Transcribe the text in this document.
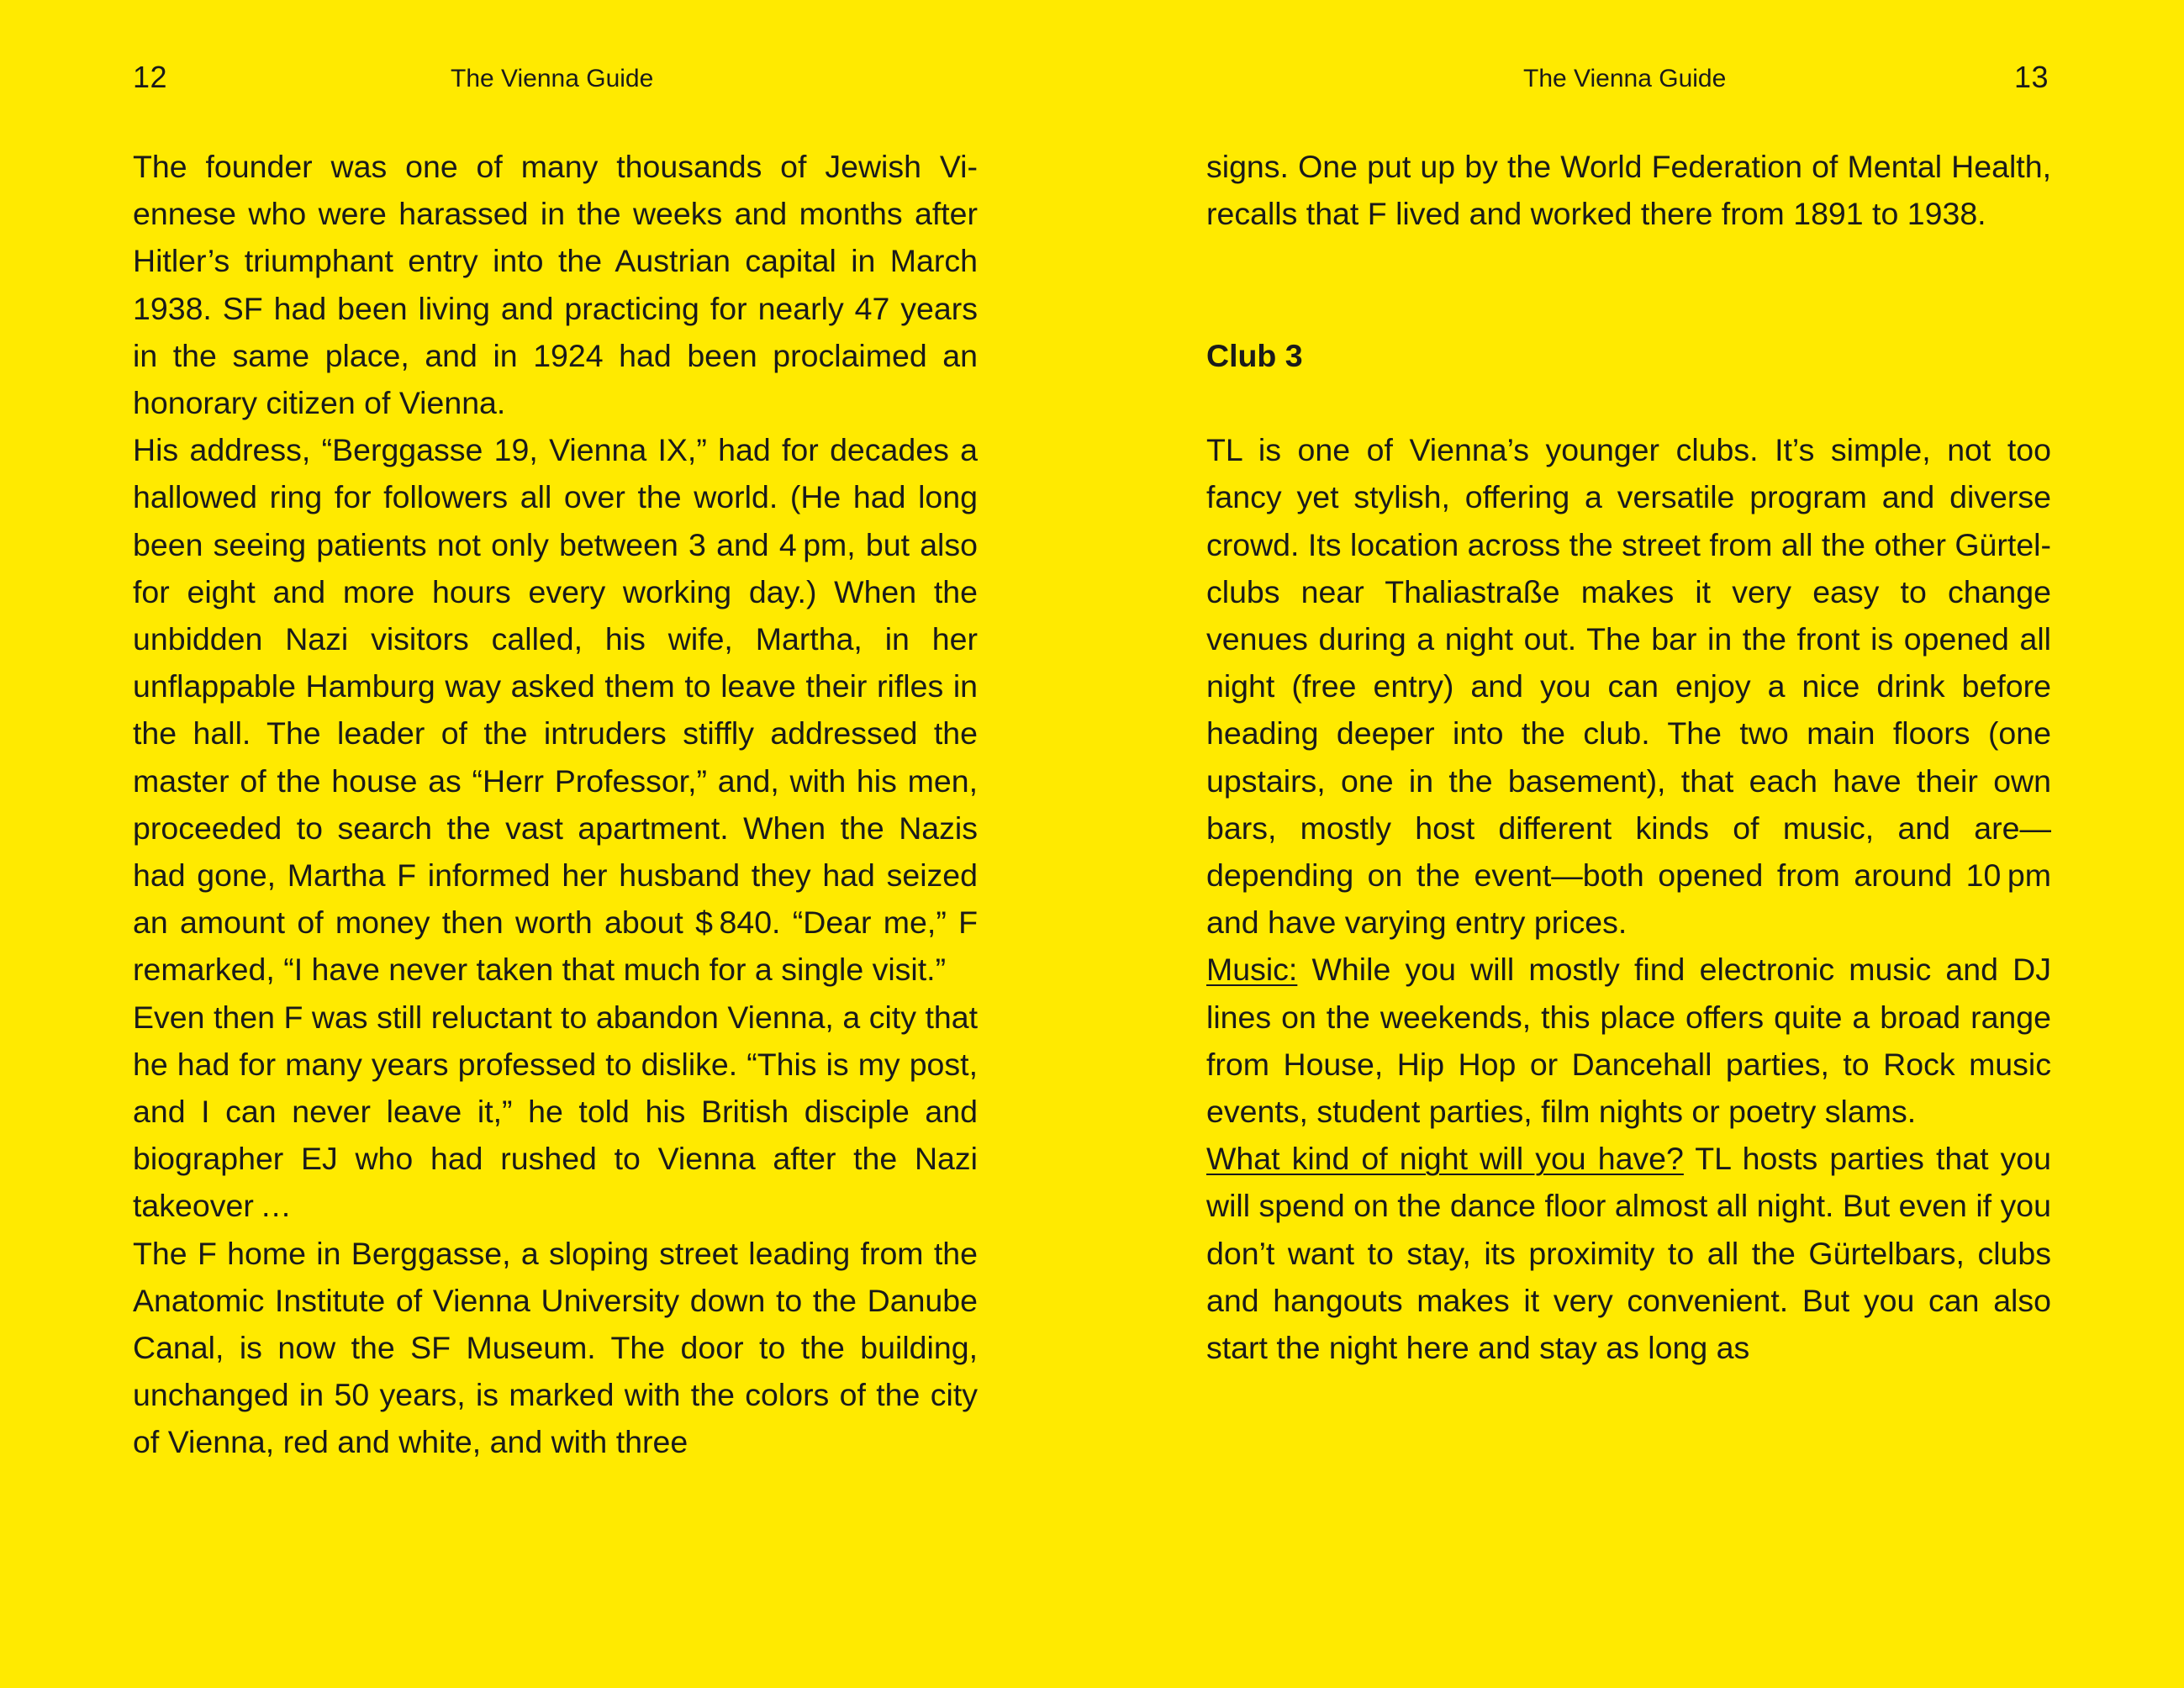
12	The Vienna Guide

The founder was one of many thousands of Jewish Viennese who were harassed in the weeks and months after Hitler’s triumphant entry into the Austrian capital in March 1938. SF had been living and practicing for nearly 47 years in the same place, and in 1924 had been proclaimed an honorary citizen of Vienna.

His address, “Berggasse 19, Vienna IX,” had for decades a hallowed ring for followers all over the world. (He had long been seeing patients not only between 3 and 4 pm, but also for eight and more hours every working day.) When the unbidden Nazi visitors called, his wife, Martha, in her unflappable Hamburg way asked them to leave their rifles in the hall. The leader of the intruders stiffly addressed the master of the house as “Herr Professor,” and, with his men, proceeded to search the vast apartment. When the Nazis had gone, Martha F informed her husband they had seized an amount of money then worth about $ 840. “Dear me,” F remarked, “I have never taken that much for a single visit.”

Even then F was still reluctant to abandon Vienna, a city that he had for many years professed to dislike. “This is my post, and I can never leave it,” he told his British disciple and biographer EJ who had rushed to Vienna after the Nazi takeover …

The F home in Berggasse, a sloping street leading from the Anatomic Institute of Vienna University down to the Danube Canal, is now the SF Museum. The door to the building, unchanged in 50 years, is marked with the colors of the city of Vienna, red and white, and with three

The Vienna Guide	13

signs. One put up by the World Federation of Mental Health, recalls that F lived and worked there from 1891 to 1938.

Club 3

TL is one of Vienna’s younger clubs. It’s simple, not too fancy yet stylish, offering a versatile program and diverse crowd. Its location across the street from all the other Gürtel-clubs near Thaliastraße makes it very easy to change venues during a night out. The bar in the front is opened all night (free entry) and you can enjoy a nice drink before heading deeper into the club. The two main floors (one upstairs, one in the basement), that each have their own bars, mostly host different kinds of music, and are—depending on the event—both opened from around 10 pm and have varying entry prices.

Music: While you will mostly find electronic music and DJ lines on the weekends, this place offers quite a broad range from House, Hip Hop or Dancehall parties, to Rock music events, student parties, film nights or poetry slams.

What kind of night will you have? TL hosts parties that you will spend on the dance floor almost all night. But even if you don’t want to stay, its proximity to all the Gürtelbars, clubs and hangouts makes it very convenient. But you can also start the night here and stay as long as
